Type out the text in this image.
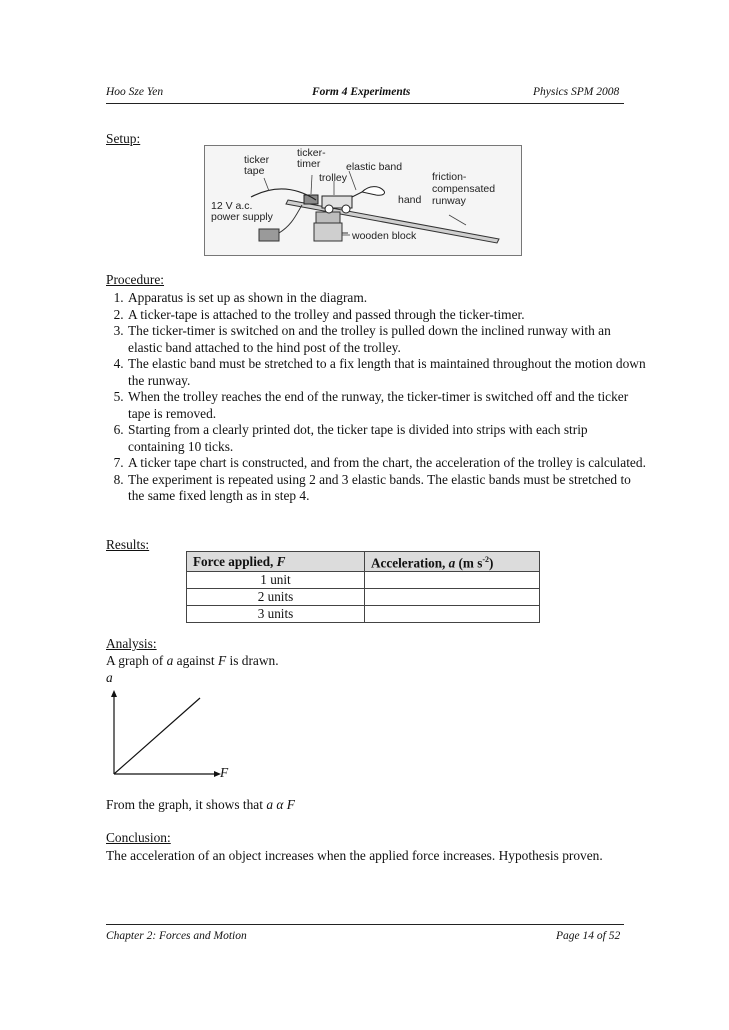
Hoo Sze Yen	Form 4 Experiments	Physics SPM 2008
Setup:
ticker
tape
ticker-
timer elastic band
trolley
hand
friction-
compensated
runway
12 V a.c.
power supply
wooden block
Procedure:
1. Apparatus is set up as shown in the diagram.
2. A ticker-tape is attached to the trolley and passed through the ticker-timer.
3. The ticker-timer is switched on and the trolley is pulled down the inclined runway with an elastic band attached to the hind post of the trolley.
4. The elastic band must be stretched to a fix length that is maintained throughout the motion down the runway.
5. When the trolley reaches the end of the runway, the ticker-timer is switched off and the ticker tape is removed.
6. Starting from a clearly printed dot, the ticker tape is divided into strips with each strip containing 10 ticks.
7. A ticker tape chart is constructed, and from the chart, the acceleration of the trolley is calculated.
8. The experiment is repeated using 2 and 3 elastic bands. The elastic bands must be stretched to the same fixed length as in step 4.
Results:
Force applied, F	Acceleration, a (m $s^{-2}$)
1 unit	
2 units	
3 units	
Analysis:
A graph of a against F is drawn.
a
F
From the graph, it shows that a α F
Conclusion:
The acceleration of an object increases when the applied force increases. Hypothesis proven.
Chapter 2: Forces and Motion	Page 14 of 52
